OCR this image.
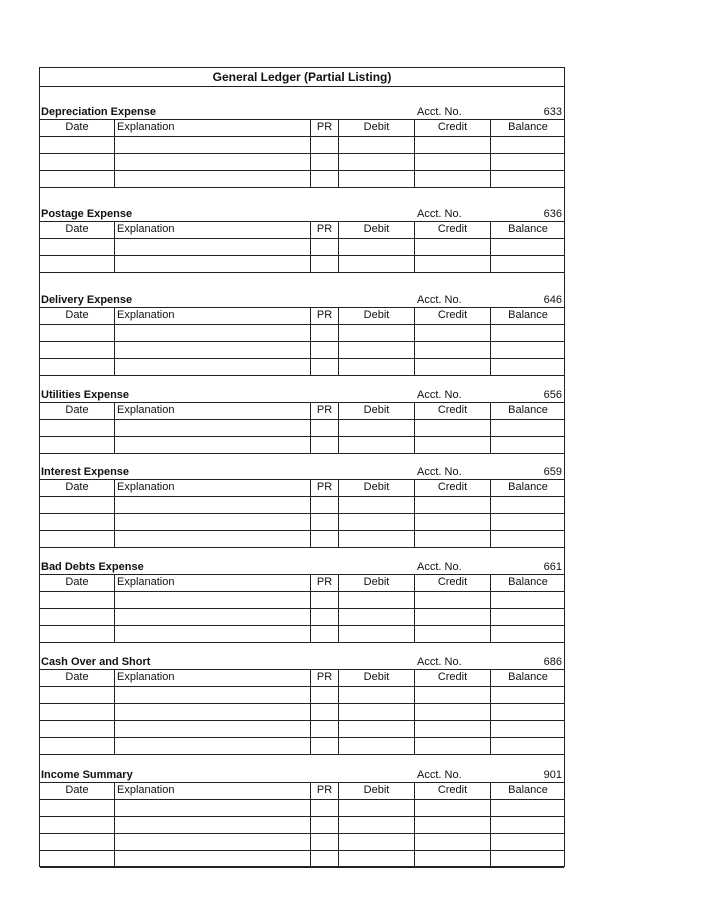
General Ledger (Partial Listing)
Depreciation Expense	Acct. No.	633
Date	Explanation	PR	Debit	Credit	Balance
Postage Expense	Acct. No.	636
Date	Explanation	PR	Debit	Credit	Balance
Delivery Expense	Acct. No.	646
Date	Explanation	PR	Debit	Credit	Balance
Utilities Expense	Acct. No.	656
Date	Explanation	PR	Debit	Credit	Balance
Interest Expense	Acct. No.	659
Date	Explanation	PR	Debit	Credit	Balance
Bad Debts Expense	Acct. No.	661
Date	Explanation	PR	Debit	Credit	Balance
Cash Over and Short	Acct. No.	686
Date	Explanation	PR	Debit	Credit	Balance
Income Summary	Acct. No.	901
Date	Explanation	PR	Debit	Credit	Balance
